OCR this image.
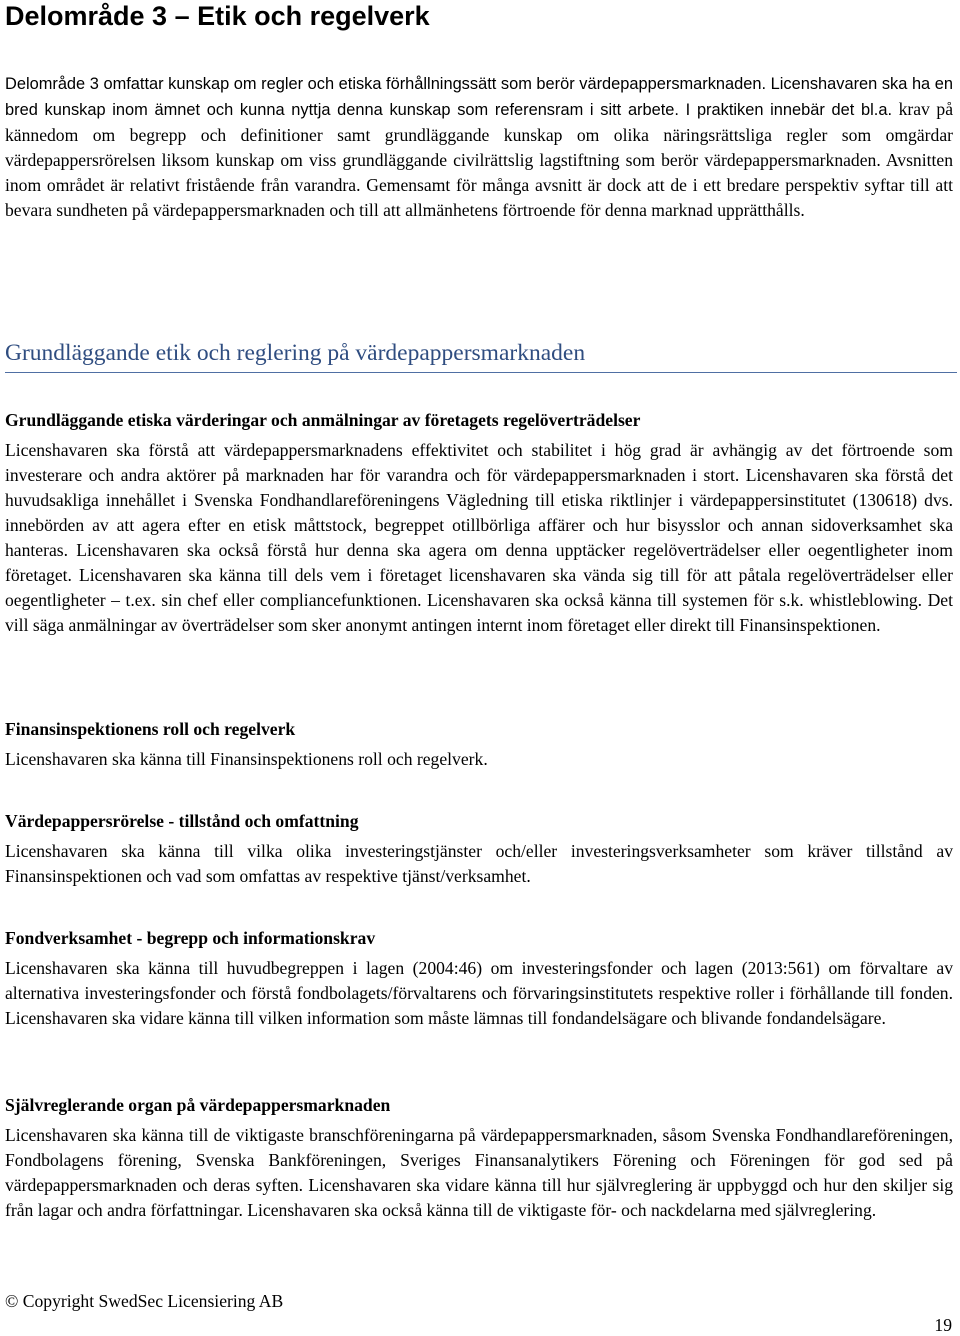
Delområde 3 – Etik och regelverk

Delområde 3 omfattar kunskap om regler och etiska förhållningssätt som berör värdepappersmarknaden. Licenshavaren ska ha en bred kunskap inom ämnet och kunna nyttja denna kunskap som referensram i sitt arbete. I praktiken innebär det bl.a. krav på kännedom om begrepp och definitioner samt grundläggande kunskap om olika näringsrättsliga regler som omgärdar värdepappersrörelsen liksom kunskap om viss grundläggande civilrättslig lagstiftning som berör värdepappersmarknaden. Avsnitten inom området är relativt fristående från varandra. Gemensamt för många avsnitt är dock att de i ett bredare perspektiv syftar till att bevara sundheten på värdepappersmarknaden och till att allmänhetens förtroende för denna marknad upprätthålls.

Grundläggande etik och reglering på värdepappersmarknaden
Grundläggande etiska värderingar och anmälningar av företagets regelöverträdelser

Licenshavaren ska förstå att värdepappersmarknadens effektivitet och stabilitet i hög grad är avhängig av det förtroende som investerare och andra aktörer på marknaden har för varandra och för värdepappersmarknaden i stort. Licenshavaren ska förstå det huvudsakliga innehållet i Svenska Fondhandlareföreningens Vägledning till etiska riktlinjer i värdepappersinstitutet (130618) dvs. innebörden av att agera efter en etisk måttstock, begreppet otillbörliga affärer och hur bisysslor och annan sidoverksamhet ska hanteras. Licenshavaren ska också förstå hur denna ska agera om denna upptäcker regelöverträdelser eller oegentligheter inom företaget. Licenshavaren ska känna till dels vem i företaget licenshavaren ska vända sig till för att påtala regelöverträdelser eller oegentligheter – t.ex. sin chef eller compliancefunktionen. Licenshavaren ska också känna till systemen för s.k. whistleblowing. Det vill säga anmälningar av överträdelser som sker anonymt antingen internt inom företaget eller direkt till Finansinspektionen.

Finansinspektionens roll och regelverk

Licenshavaren ska känna till Finansinspektionens roll och regelverk.

Värdepappersrörelse - tillstånd och omfattning

Licenshavaren ska känna till vilka olika investeringstjänster och/eller investeringsverksamheter som kräver tillstånd av Finansinspektionen och vad som omfattas av respektive tjänst/verksamhet.

Fondverksamhet - begrepp och informationskrav

Licenshavaren ska känna till huvudbegreppen i lagen (2004:46) om investeringsfonder och lagen (2013:561) om förvaltare av alternativa investeringsfonder och förstå fondbolagets/förvaltarens och förvaringsinstitutets respektive roller i förhållande till fonden. Licenshavaren ska vidare känna till vilken information som måste lämnas till fondandelsägare och blivande fondandelsägare.

Självreglerande organ på värdepappersmarknaden

Licenshavaren ska känna till de viktigaste branschföreningarna på värdepappersmarknaden, såsom Svenska Fondhandlareföreningen, Fondbolagens förening, Svenska Bankföreningen, Sveriges Finansanalytikers Förening och Föreningen för god sed på värdepappersmarknaden och deras syften. Licenshavaren ska vidare känna till hur självreglering är uppbyggd och hur den skiljer sig från lagar och andra författningar. Licenshavaren ska också känna till de viktigaste för- och nackdelarna med självreglering.

© Copyright SwedSec Licensiering AB
19
